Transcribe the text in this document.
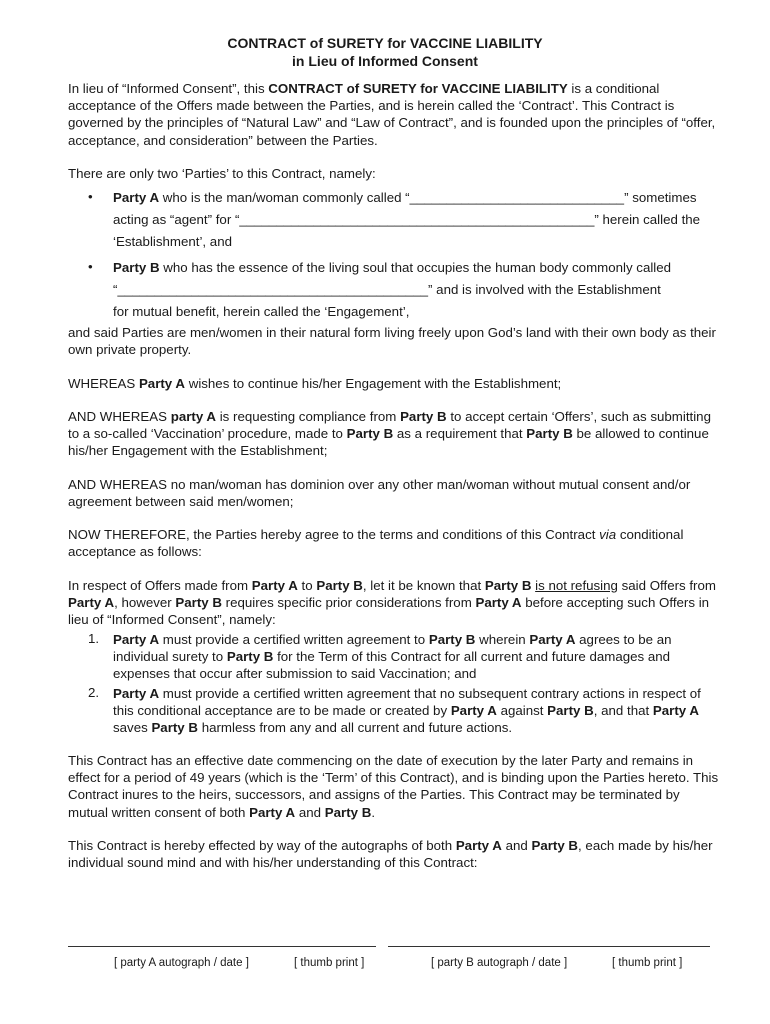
CONTRACT of SURETY for VACCINE LIABILITY
in Lieu of Informed Consent

In lieu of “Informed Consent”, this CONTRACT of SURETY for VACCINE LIABILITY is a conditional acceptance of the Offers made between the Parties, and is herein called the ‘Contract’. This Contract is governed by the principles of “Natural Law” and “Law of Contract”, and is founded upon the principles of “offer, acceptance, and consideration” between the Parties.

There are only two ‘Parties’ to this Contract, namely:

• Party A who is the man/woman commonly called “_____________________________” sometimes
acting as “agent” for “________________________________________________” herein called the
‘Establishment’, and
• Party B who has the essence of the living soul that occupies the human body commonly called
“__________________________________________” and is involved with the Establishment
for mutual benefit, herein called the ‘Engagement’,

and said Parties are men/women in their natural form living freely upon God’s land with their own body as their own private property.

WHEREAS Party A wishes to continue his/her Engagement with the Establishment;

AND WHEREAS party A is requesting compliance from Party B to accept certain ‘Offers’, such as submitting to a so-called ‘Vaccination’ procedure, made to Party B as a requirement that Party B be allowed to continue his/her Engagement with the Establishment;

AND WHEREAS no man/woman has dominion over any other man/woman without mutual consent and/or agreement between said men/women;

NOW THEREFORE, the Parties hereby agree to the terms and conditions of this Contract via conditional acceptance as follows:

In respect of Offers made from Party A to Party B, let it be known that Party B is not refusing said Offers from Party A, however Party B requires specific prior considerations from Party A before accepting such Offers in lieu of “Informed Consent”, namely:

1. Party A must provide a certified written agreement to Party B wherein Party A agrees to be an individual surety to Party B for the Term of this Contract for all current and future damages and expenses that occur after submission to said Vaccination; and

2. Party A must provide a certified written agreement that no subsequent contrary actions in respect of this conditional acceptance are to be made or created by Party A against Party B, and that Party A saves Party B harmless from any and all current and future actions.

This Contract has an effective date commencing on the date of execution by the later Party and remains in effect for a period of 49 years (which is the ‘Term’ of this Contract), and is binding upon the Parties hereto. This Contract inures to the heirs, successors, and assigns of the Parties. This Contract may be terminated by mutual written consent of both Party A and Party B.

This Contract is hereby effected by way of the autographs of both Party A and Party B, each made by his/her individual sound mind and with his/her understanding of this Contract:

[ party A autograph / date ]	[ thumb print ]	[ party B autograph / date ]	[ thumb print ]
